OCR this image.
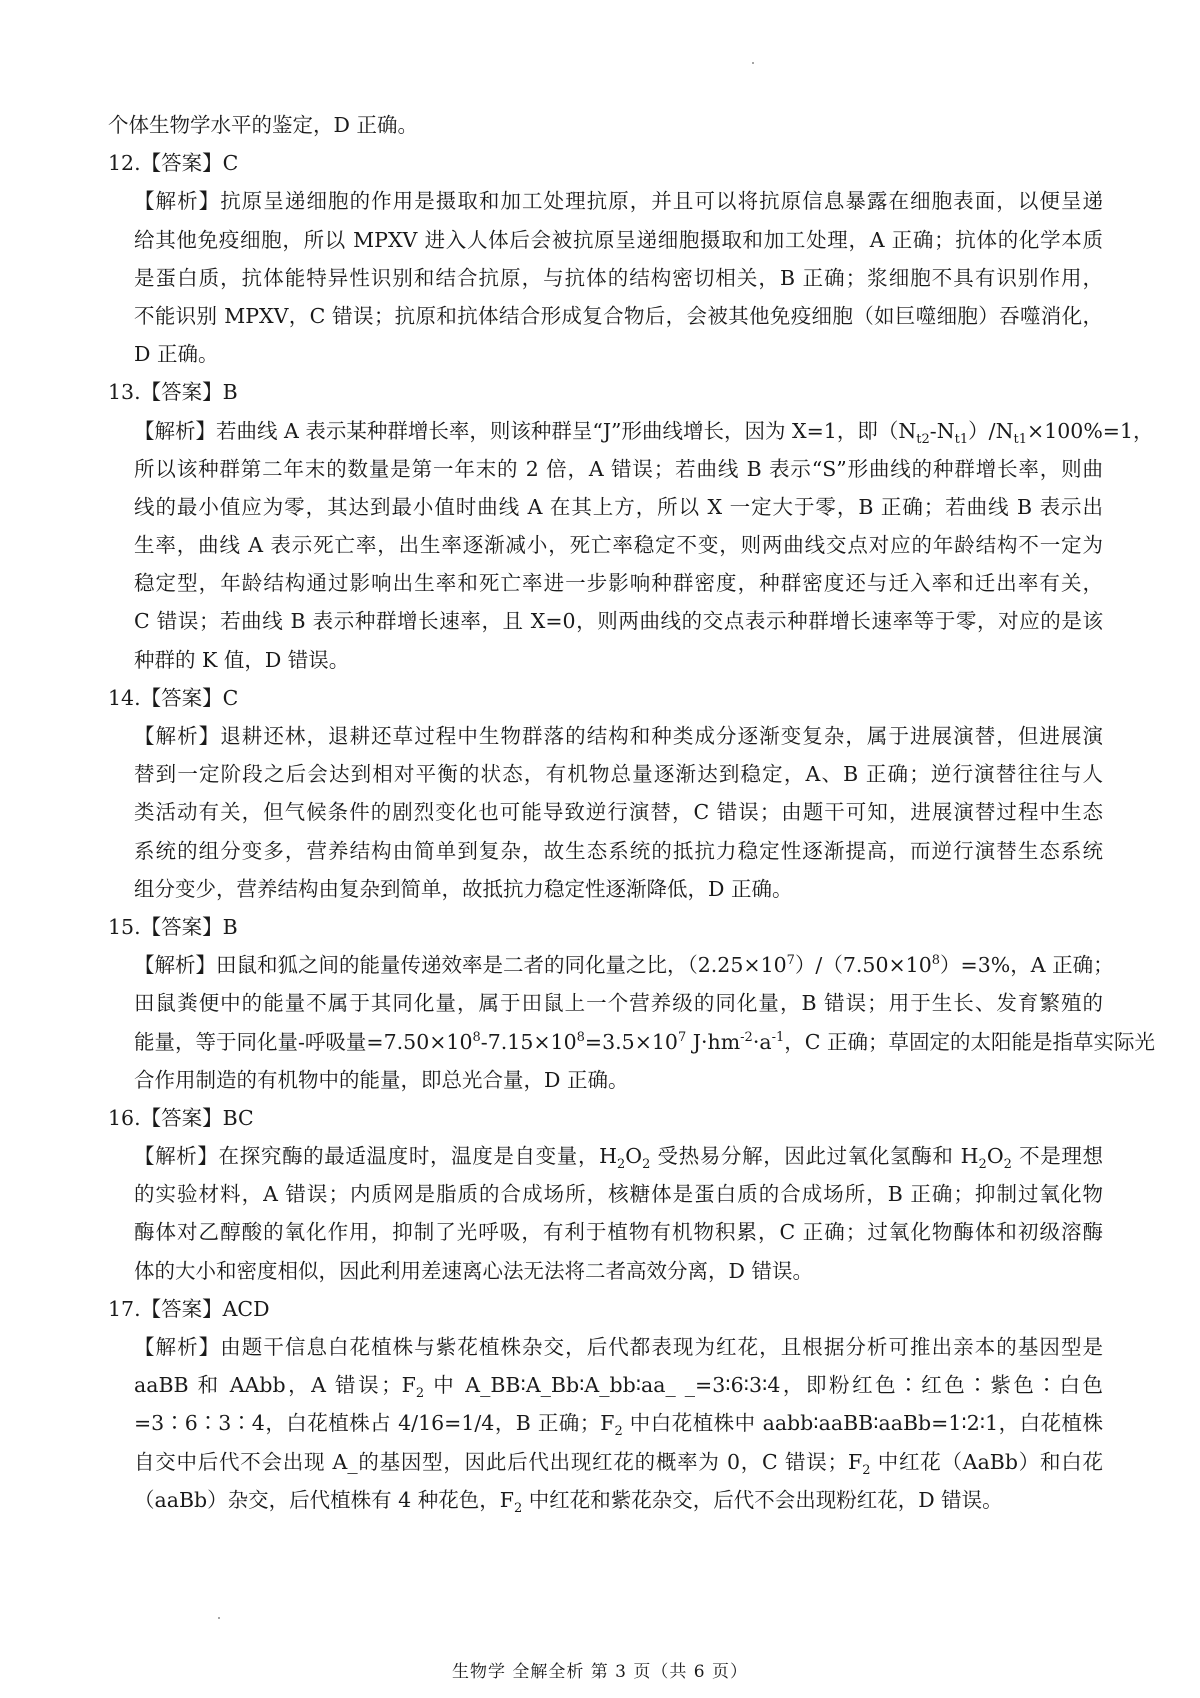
个体生物学水平的鉴定，D 正确。
12.【答案】C
【解析】抗原呈递细胞的作用是摄取和加工处理抗原，并且可以将抗原信息暴露在细胞表面，以便呈递
给其他免疫细胞，所以 MPXV 进入人体后会被抗原呈递细胞摄取和加工处理，A 正确；抗体的化学本质
是蛋白质，抗体能特异性识别和结合抗原，与抗体的结构密切相关，B 正确；浆细胞不具有识别作用，
不能识别 MPXV，C 错误；抗原和抗体结合形成复合物后，会被其他免疫细胞（如巨噬细胞）吞噬消化，
D 正确。
13.【答案】B
【解析】若曲线 A 表示某种群增长率，则该种群呈“J”形曲线增长，因为 X=1，即$(N_{t2}-N_{t1})/N_{t1}\times 100\%=1$，
所以该种群第二年末的数量是第一年末的 2 倍，A 错误；若曲线 B 表示“S”形曲线的种群增长率，则曲
线的最小值应为零，其达到最小值时曲线 A 在其上方，所以 X 一定大于零，B 正确；若曲线 B 表示出
生率，曲线 A 表示死亡率，出生率逐渐减小，死亡率稳定不变，则两曲线交点对应的年龄结构不一定为
稳定型，年龄结构通过影响出生率和死亡率进一步影响种群密度，种群密度还与迁入率和迁出率有关，
C 错误；若曲线 B 表示种群增长速率，且 X=0，则两曲线的交点表示种群增长速率等于零，对应的是该
种群的 K 值，D 错误。
14.【答案】C
【解析】退耕还林，退耕还草过程中生物群落的结构和种类成分逐渐变复杂，属于进展演替，但进展演
替到一定阶段之后会达到相对平衡的状态，有机物总量逐渐达到稳定，A、B 正确；逆行演替往往与人
类活动有关，但气候条件的剧烈变化也可能导致逆行演替，C 错误；由题干可知，进展演替过程中生态
系统的组分变多，营养结构由简单到复杂，故生态系统的抵抗力稳定性逐渐提高，而逆行演替生态系统
组分变少，营养结构由复杂到简单，故抵抗力稳定性逐渐降低，D 正确。
15.【答案】B
【解析】田鼠和狐之间的能量传递效率是二者的同化量之比，$(2.25\times 10^7)/(7.50\times 10^8)=3\%$，A 正确；
田鼠粪便中的能量不属于其同化量，属于田鼠上一个营养级的同化量，B 错误；用于生长、发育繁殖的
能量，等于同化量-呼吸量$=7.50\times 10^8-7.15\times 10^8=3.5\times 10^7$ $J\cdot hm^{-2}\cdot a^{-1}$，C 正确；草固定的太阳能是指草实际光
合作用制造的有机物中的能量，即总光合量，D 正确。
16.【答案】BC
【解析】在探究酶的最适温度时，温度是自变量，$H_2O_2$ 受热易分解，因此过氧化氢酶和 $H_2O_2$ 不是理想
的实验材料，A 错误；内质网是脂质的合成场所，核糖体是蛋白质的合成场所，B 正确；抑制过氧化物
酶体对乙醇酸的氧化作用，抑制了光呼吸，有利于植物有机物积累，C 正确；过氧化物酶体和初级溶酶
体的大小和密度相似，因此利用差速离心法无法将二者高效分离，D 错误。
17.【答案】ACD
【解析】由题干信息白花植株与紫花植株杂交，后代都表现为红花，且根据分析可推出亲本的基因型是
aaBB 和 AAbb，A 错误；$F_2$ 中 A_BB∶A_Bb∶A_bb∶aa_ _=3∶6∶3∶4，即粉红色∶红色∶紫色∶白色
=3∶6∶3∶4，白花植株占 4/16=1/4，B 正确；$F_2$ 中白花植株中 aabb∶aaBB∶aaBb=1∶2∶1，白花植株
自交中后代不会出现 A_的基因型，因此后代出现红花的概率为 0，C 错误；$F_2$ 中红花（AaBb）和白花
（aaBb）杂交，后代植株有 4 种花色，$F_2$ 中红花和紫花杂交，后代不会出现粉红花，D 错误。
生物学 全解全析 第 3 页（共 6 页）
